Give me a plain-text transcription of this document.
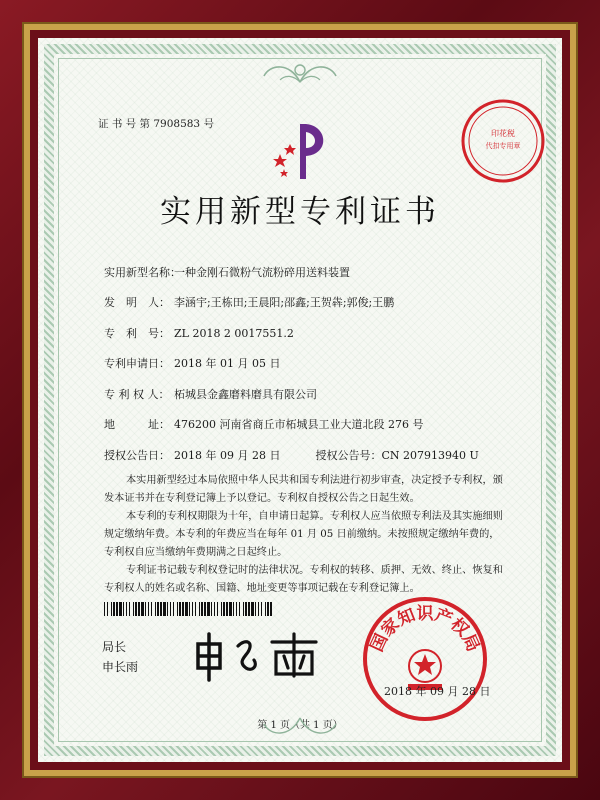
证 书 号 第 7908583 号
印花税
代扣专用章
实用新型专利证书
实用新型名称：一种金刚石微粉气流粉碎用送料装置
发　明　人： 李涵宇;王栋田;王晨阳;邵鑫;王贺犇;郭俊;王鹏
专　利　号： ZL 2018 2 0017551.2
专利申请日： 2018 年 01 月 05 日
专 利 权 人： 柘城县金鑫磨料磨具有限公司
地　　　址： 476200 河南省商丘市柘城县工业大道北段 276 号
授权公告日： 2018 年 09 月 28 日	授权公告号：CN 207913940 U
本实用新型经过本局依照中华人民共和国专利法进行初步审查，决定授予专利权，颁发本证书并在专利登记簿上予以登记。专利权自授权公告之日起生效。
本专利的专利权期限为十年，自申请日起算。专利权人应当依照专利法及其实施细则规定缴纳年费。本专利的年费应当在每年 01 月 05 日前缴纳。未按照规定缴纳年费的，专利权自应当缴纳年费期满之日起终止。
专利证书记载专利权登记时的法律状况。专利权的转移、质押、无效、终止、恢复和专利权人的姓名或名称、国籍、地址变更等事项记载在专利登记簿上。
局长
申长雨
国家知识产权局
2018 年 09 月 28 日
第 1 页（共 1 页）
